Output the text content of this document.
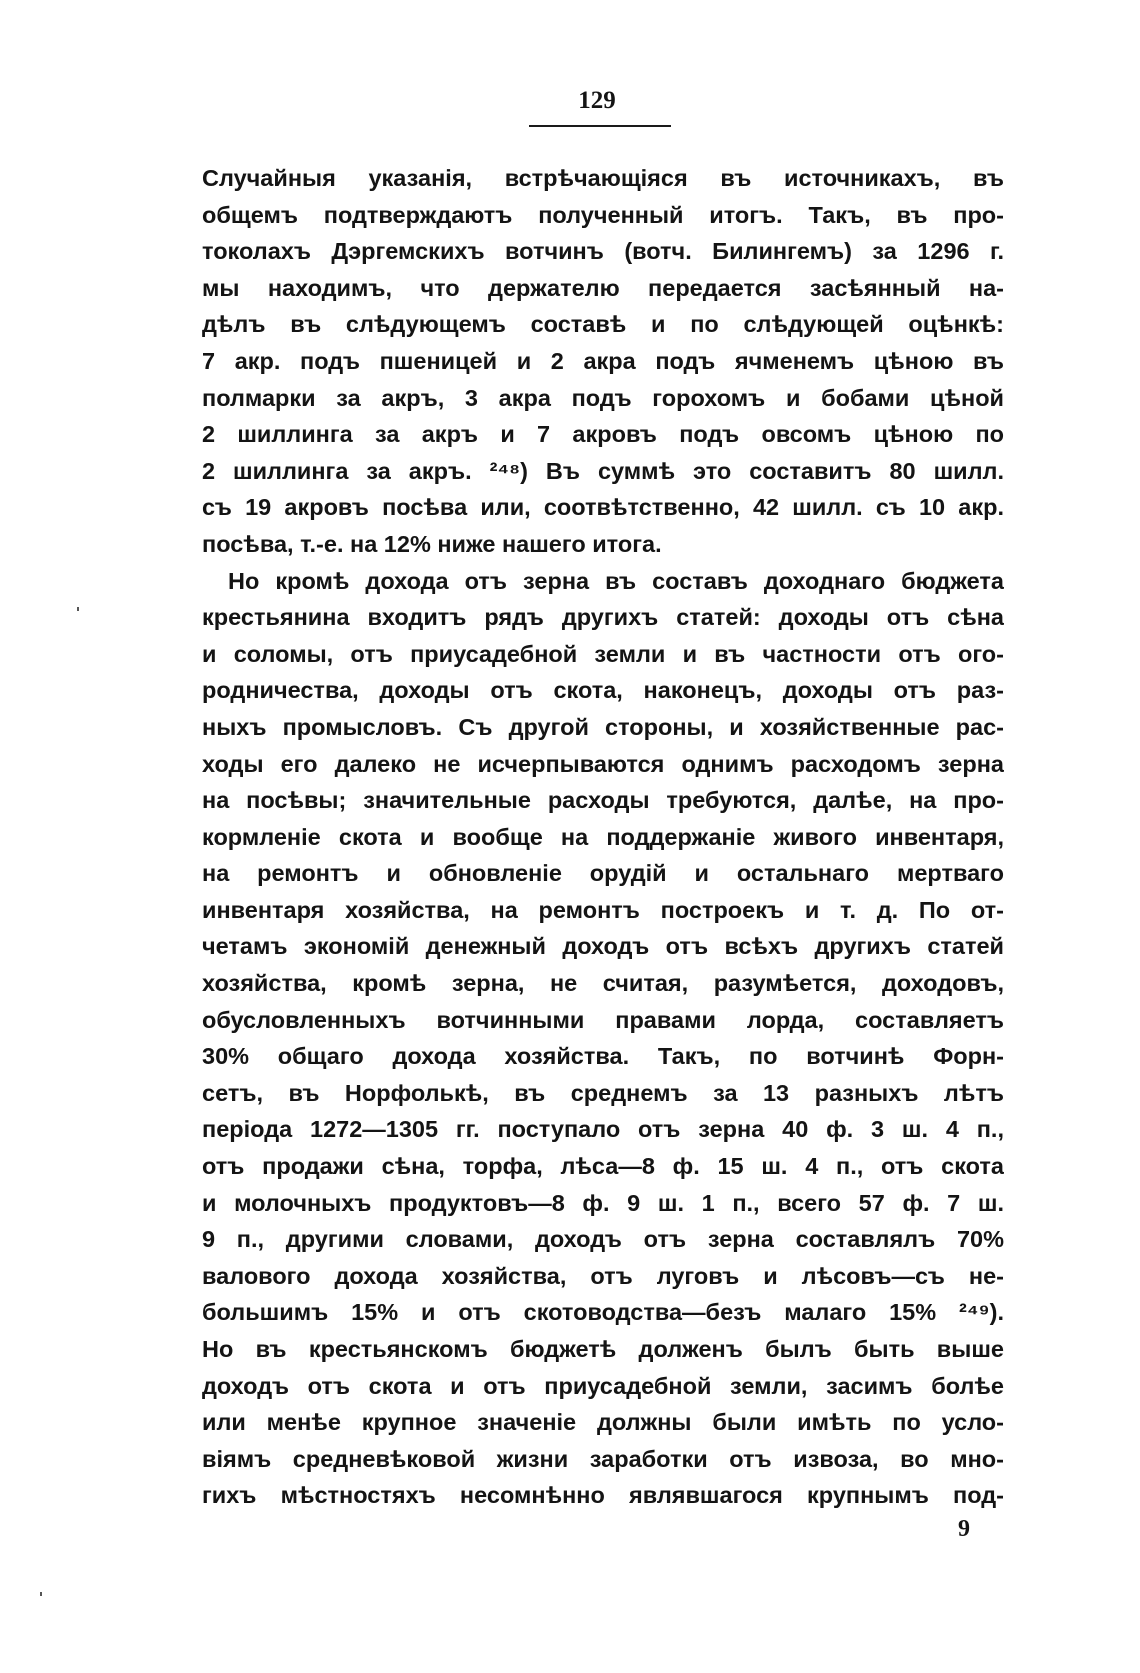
129
Случайныя указанія, встрѣчающіяся въ источникахъ, въ
общемъ подтверждаютъ полученный итогъ. Такъ, въ про-
токолахъ Дэргемскихъ вотчинъ (вотч. Билингемъ) за 1296 г.
мы находимъ, что держателю передается засѣянный на-
дѣлъ въ слѣдующемъ составѣ и по слѣдующей оцѣнкѣ:
7 акр. подъ пшеницей и 2 акра подъ ячменемъ цѣною въ
полмарки за акръ, 3 акра подъ горохомъ и бобами цѣной
2 шиллинга за акръ и 7 акровъ подъ овсомъ цѣною по
2 шиллинга за акръ. ²⁴⁸) Въ суммѣ это составитъ 80 шилл.
съ 19 акровъ посѣва или, соотвѣтственно, 42 шилл. съ 10 акр.
посѣва, т.-е. на 12% ниже нашего итога.
Но кромѣ дохода отъ зерна въ составъ доходнаго бюджета
крестьянина входитъ рядъ другихъ статей: доходы отъ сѣна
и соломы, отъ приусадебной земли и въ частности отъ ого-
родничества, доходы отъ скота, наконецъ, доходы отъ раз-
ныхъ промысловъ. Съ другой стороны, и хозяйственные рас-
ходы его далеко не исчерпываются однимъ расходомъ зерна
на посѣвы; значительные расходы требуются, далѣе, на про-
кормленіе скота и вообще на поддержаніе живого инвентаря,
на ремонтъ и обновленіе орудій и остальнаго мертваго
инвентаря хозяйства, на ремонтъ построекъ и т. д. По от-
четамъ экономій денежный доходъ отъ всѣхъ другихъ статей
хозяйства, кромѣ зерна, не считая, разумѣется, доходовъ,
обусловленныхъ вотчинными правами лорда, составляетъ
30% общаго дохода хозяйства. Такъ, по вотчинѣ Форн-
сетъ, въ Норфолькѣ, въ среднемъ за 13 разныхъ лѣтъ
періода 1272—1305 гг. поступало отъ зерна 40 ф. 3 ш. 4 п.,
отъ продажи сѣна, торфа, лѣса—8 ф. 15 ш. 4 п., отъ скота
и молочныхъ продуктовъ—8 ф. 9 ш. 1 п., всего 57 ф. 7 ш.
9 п., другими словами, доходъ отъ зерна составлялъ 70%
валового дохода хозяйства, отъ луговъ и лѣсовъ—съ не-
большимъ 15% и отъ скотоводства—безъ малаго 15% ²⁴⁹).
Но въ крестьянскомъ бюджетѣ долженъ былъ быть выше
доходъ отъ скота и отъ приусадебной земли, засимъ болѣе
или менѣе крупное значеніе должны были имѣть по усло-
віямъ средневѣковой жизни заработки отъ извоза, во мно-
гихъ мѣстностяхъ несомнѣнно являвшагося крупнымъ под-
9
